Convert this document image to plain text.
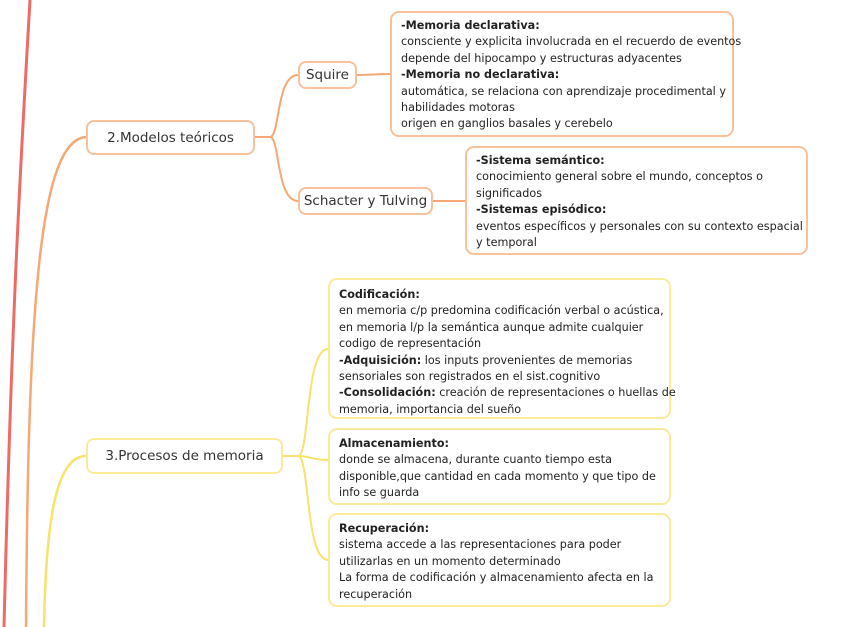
2.Modelos teóricos
Squire
Schacter y Tulving
3.Procesos de memoria
-Memoria declarativa:
consciente y explicita involucrada en el recuerdo de eventos
depende del hipocampo y estructuras adyacentes
-Memoria no declarativa:
automática, se relaciona con aprendizaje procedimental y
habilidades motoras
origen en ganglios basales y cerebelo
-Sistema semántico:
conocimiento general sobre el mundo, conceptos o
significados
-Sistemas episódico:
eventos específicos y personales con su contexto espacial
y temporal
Codificación:
en memoria c/p predomina codificación verbal o acústica,
en memoria l/p la semántica aunque admite cualquier
codigo de representación
-Adquisición: los inputs provenientes de memorias
sensoriales son registrados en el sist.cognitivo
-Consolidación: creación de representaciones o huellas de
memoria, importancia del sueño
Almacenamiento:
donde se almacena, durante cuanto tiempo esta
disponible,que cantidad en cada momento y que tipo de
info se guarda
Recuperación:
sistema accede a las representaciones para poder
utilizarlas en un momento determinado
La forma de codificación y almacenamiento afecta en la
recuperación
